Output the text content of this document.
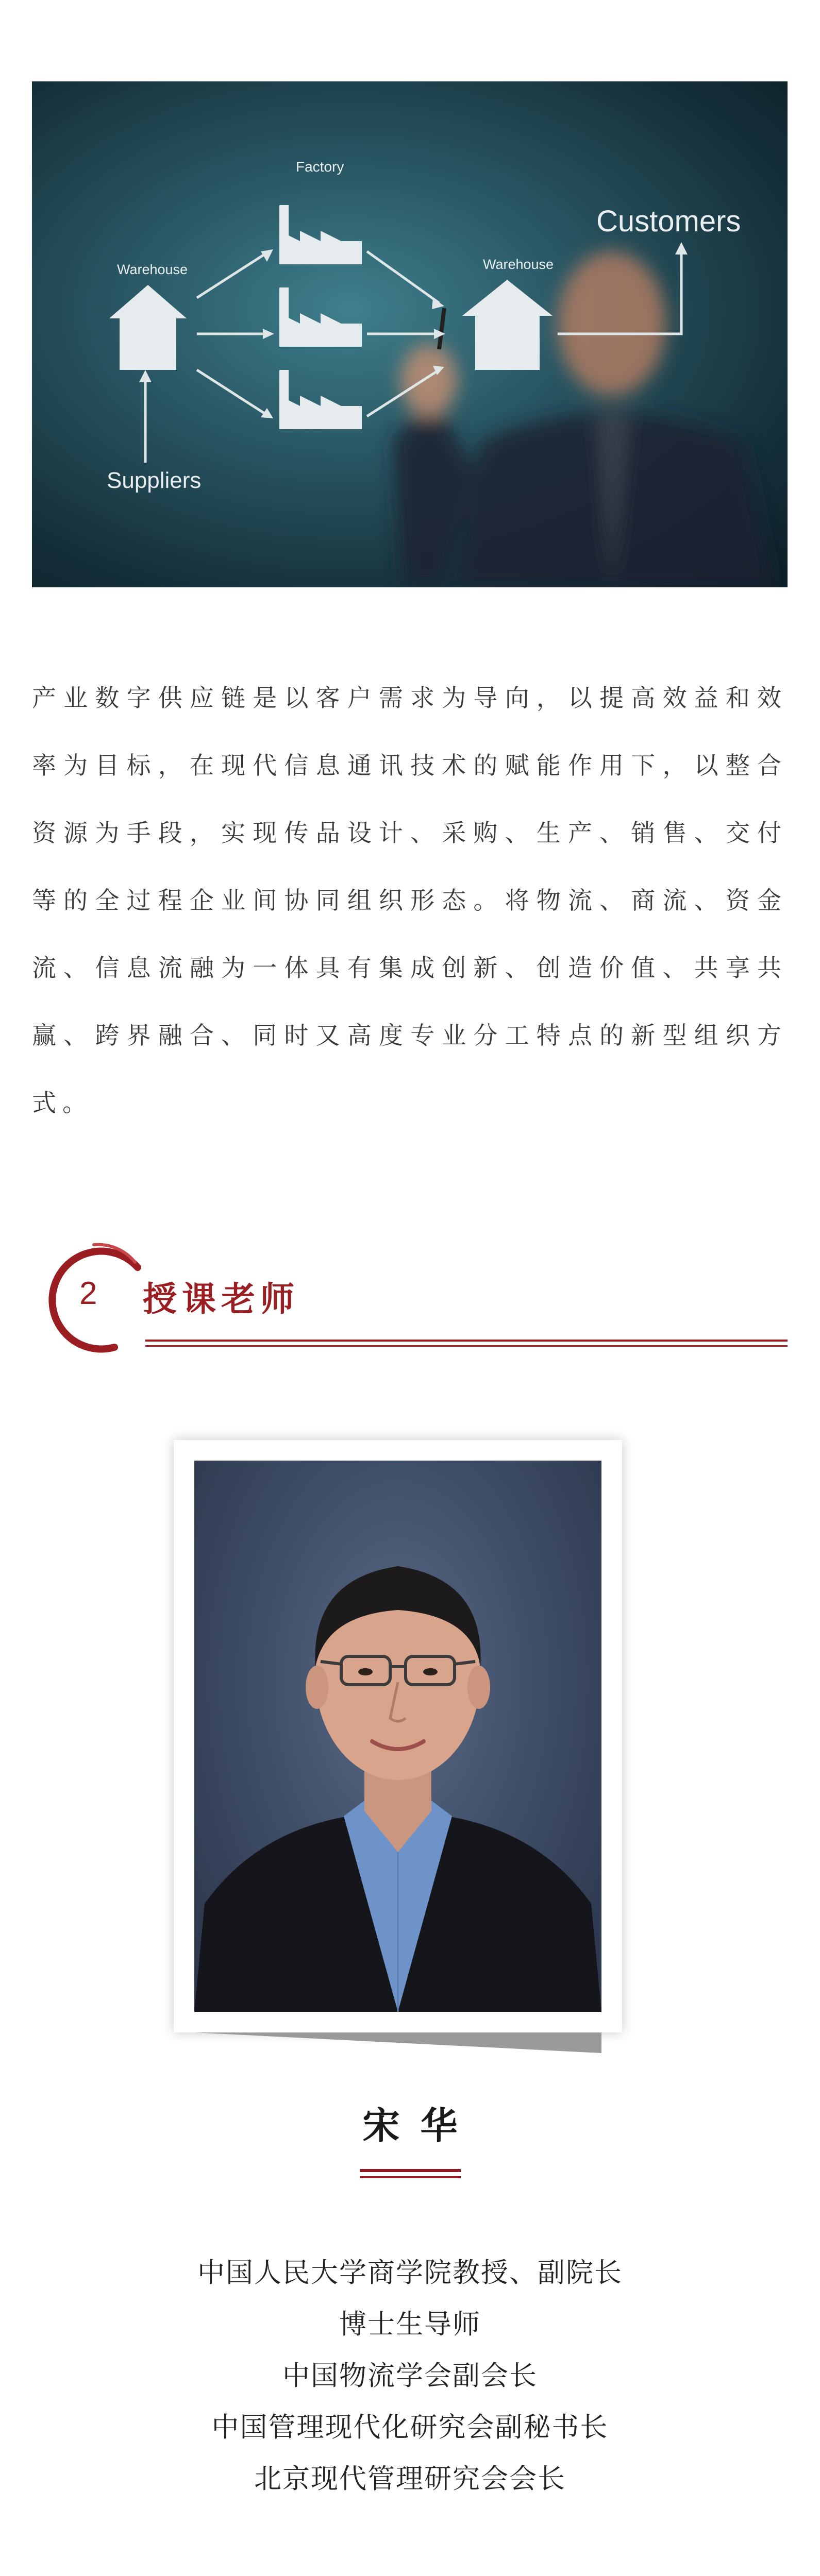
Factory
Warehouse	Warehouse
Customers
Suppliers

产业数字供应链是以客户需求为导向，以提高效益和效率为目标，在现代信息通讯技术的赋能作用下，以整合资源为手段，实现传品设计、采购、生产、销售、交付等的全过程企业间协同组织形态。将物流、商流、资金流、信息流融为一体具有集成创新、创造价值、共享共赢、跨界融合、同时又高度专业分工特点的新型组织方式。

2	授课老师
宋华
中国人民大学商学院教授、副院长
博士生导师
中国物流学会副会长
中国管理现代化研究会副秘书长
北京现代管理研究会会长
